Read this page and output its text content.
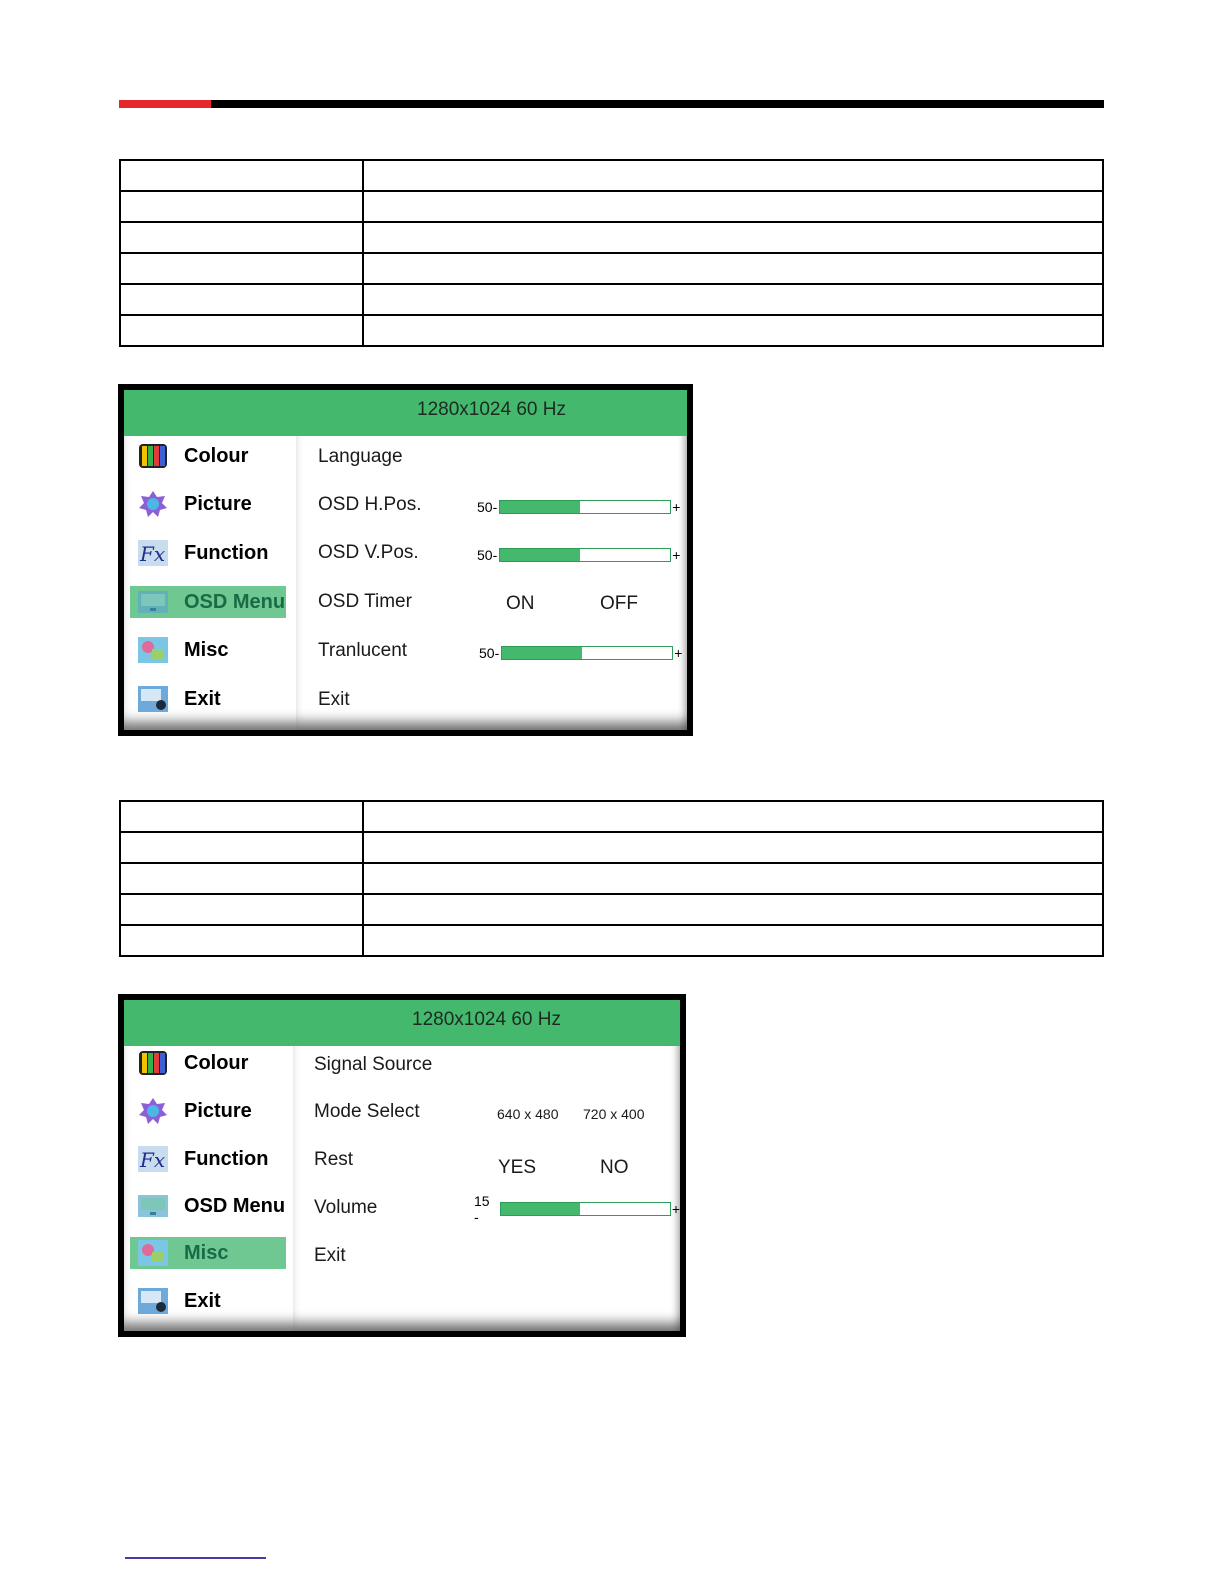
Colour
Picture
Fx Function
OSD Menu
Misc
Exit
1280x1024 60 Hz
Language
OSD H.Pos.	50-	+
OSD V.Pos.	50-	+
OSD Timer	ON	OFF
Tranlucent	50-	+
Exit

Colour
Picture
Fx Function
OSD Menu
Misc
Exit
1280x1024 60 Hz
Signal Source
Mode Select	640 x 480 720 x 400
Rest	YES	NO
Volume	15 -	+
Exit
